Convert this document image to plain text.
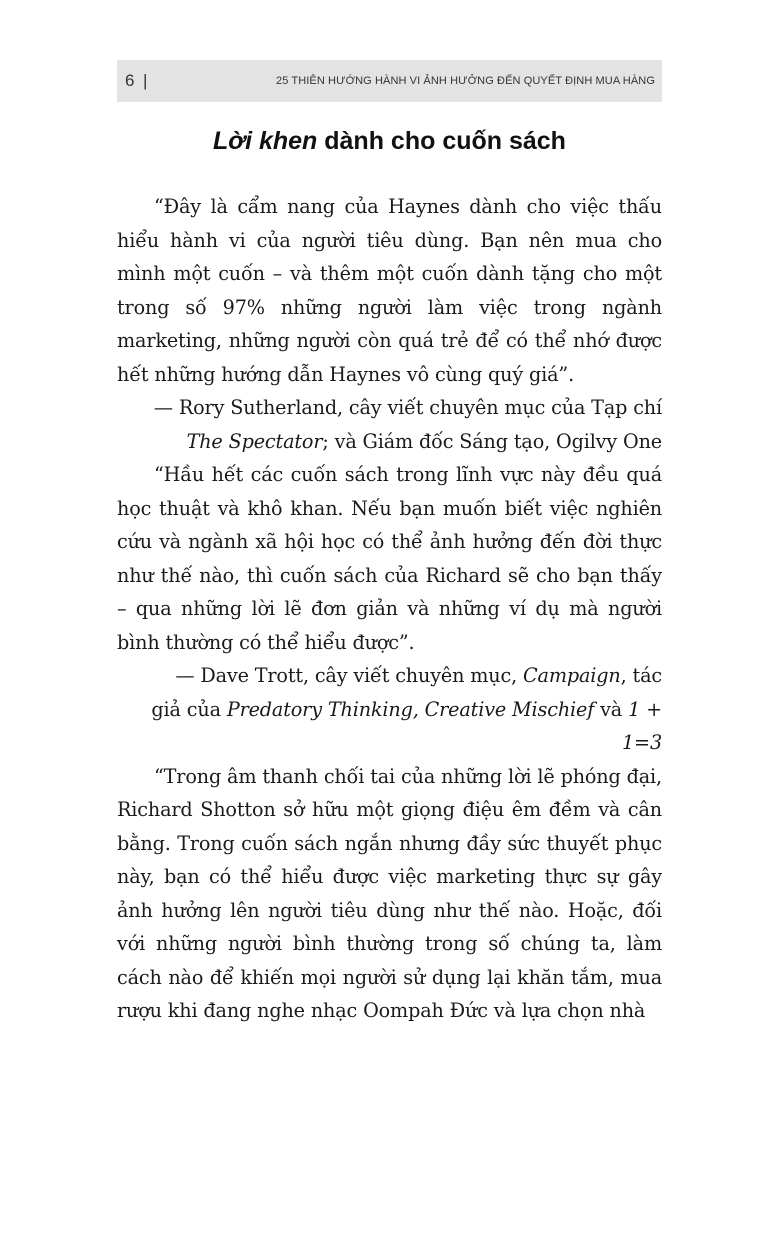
6 |	25 THIÊN HƯỚNG HÀNH VI ẢNH HƯỞNG ĐẾN QUYẾT ĐỊNH MUA HÀNG
Lời khen dành cho cuốn sách

“Đây là cẩm nang của Haynes dành cho việc thấu hiểu hành vi của người tiêu dùng. Bạn nên mua cho mình một cuốn – và thêm một cuốn dành tặng cho một trong số 97% những người làm việc trong ngành marketing, những người còn quá trẻ để có thể nhớ được hết những hướng dẫn Haynes vô cùng quý giá”.

— Rory Sutherland, cây viết chuyên mục của Tạp chí
The Spectator; và Giám đốc Sáng tạo, Ogilvy One

“Hầu hết các cuốn sách trong lĩnh vực này đều quá học thuật và khô khan. Nếu bạn muốn biết việc nghiên cứu và ngành xã hội học có thể ảnh hưởng đến đời thực như thế nào, thì cuốn sách của Richard sẽ cho bạn thấy – qua những lời lẽ đơn giản và những ví dụ mà người bình thường có thể hiểu được”.

— Dave Trott, cây viết chuyên mục, Campaign, tác
giả của Predatory Thinking, Creative Mischief và 1 + 1=3

“Trong âm thanh chối tai của những lời lẽ phóng đại, Richard Shotton sở hữu một giọng điệu êm đềm và cân bằng. Trong cuốn sách ngắn nhưng đầy sức thuyết phục này, bạn có thể hiểu được việc marketing thực sự gây ảnh hưởng lên người tiêu dùng như thế nào. Hoặc, đối với những người bình thường trong số chúng ta, làm cách nào để khiến mọi người sử dụng lại khăn tắm, mua rượu khi đang nghe nhạc Oompah Đức và lựa chọn nhà
